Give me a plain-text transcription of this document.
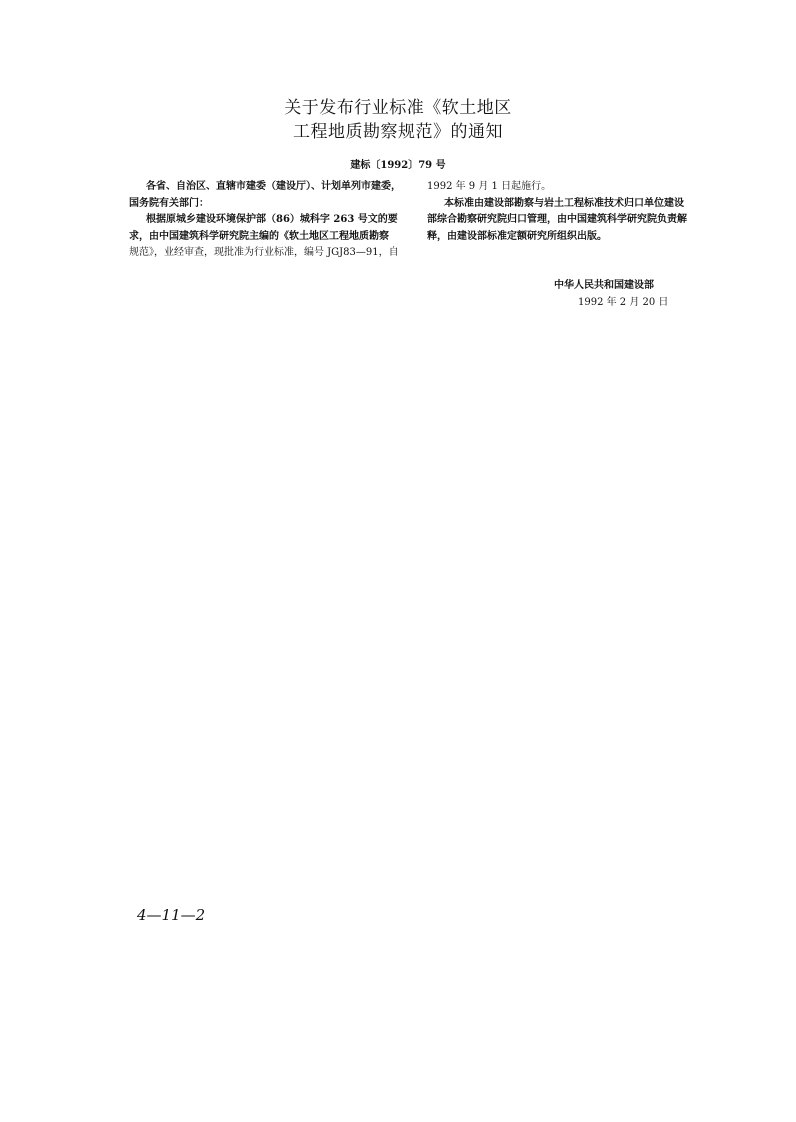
关于发布行业标准《软土地区
工程地质勘察规范》的通知
建标〔1992〕79 号
各省、自治区、直辖市建委（建设厅）、计划单列市建委，
国务院有关部门：
根据原城乡建设环境保护部（86）城科字 263 号文的要
求，由中国建筑科学研究院主编的《软土地区工程地质勘察
规范》，业经审查，现批准为行业标准，编号 JGJ83—91，自
1992 年 9 月 1 日起施行。
本标准由建设部勘察与岩土工程标准技术归口单位建设
部综合勘察研究院归口管理，由中国建筑科学研究院负责解
释，由建设部标准定额研究所组织出版。
中华人民共和国建设部
1992 年 2 月 20 日
4—11—2
